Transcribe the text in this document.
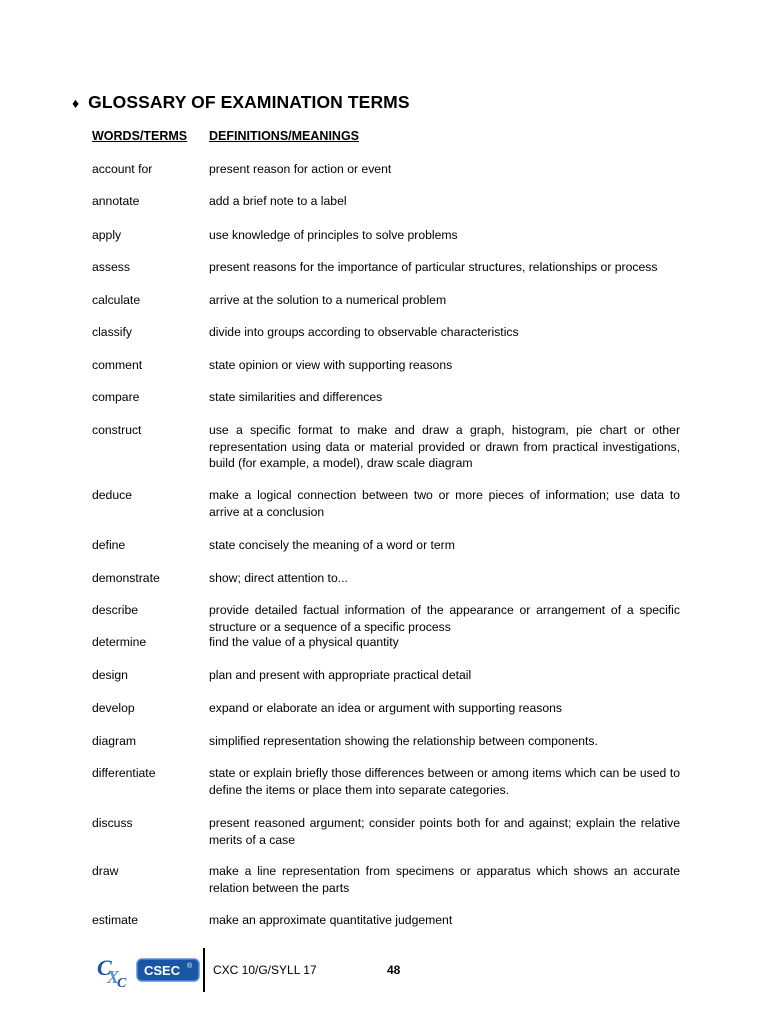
♦ GLOSSARY OF EXAMINATION TERMS
WORDS/TERMS DEFINITIONS/MEANINGS
account for	present reason for action or event
annotate	add a brief note to a label
apply	use knowledge of principles to solve problems
assess	present reasons for the importance of particular structures, relationships or process
calculate	arrive at the solution to a numerical problem
classify	divide into groups according to observable characteristics
comment	state opinion or view with supporting reasons
compare	state similarities and differences
construct	use a specific format to make and draw a graph, histogram, pie chart or other representation using data or material provided or drawn from practical investigations, build (for example, a model), draw scale diagram
deduce	make a logical connection between two or more pieces of information; use data to arrive at a conclusion
define	state concisely the meaning of a word or term
demonstrate	show; direct attention to...
describe	provide detailed factual information of the appearance or arrangement of a specific structure or a sequence of a specific process
determine	find the value of a physical quantity
design	plan and present with appropriate practical detail
develop	expand or elaborate an idea or argument with supporting reasons
diagram	simplified representation showing the relationship between components.
differentiate	state or explain briefly those differences between or among items which can be used to define the items or place them into separate categories.
discuss	present reasoned argument; consider points both for and against; explain the relative merits of a case
draw	make a line representation from specimens or apparatus which shows an accurate relation between the parts
estimate	make an approximate quantitative judgement
C
X
C
CSEC ® CXC 10/G/SYLL 17	48
